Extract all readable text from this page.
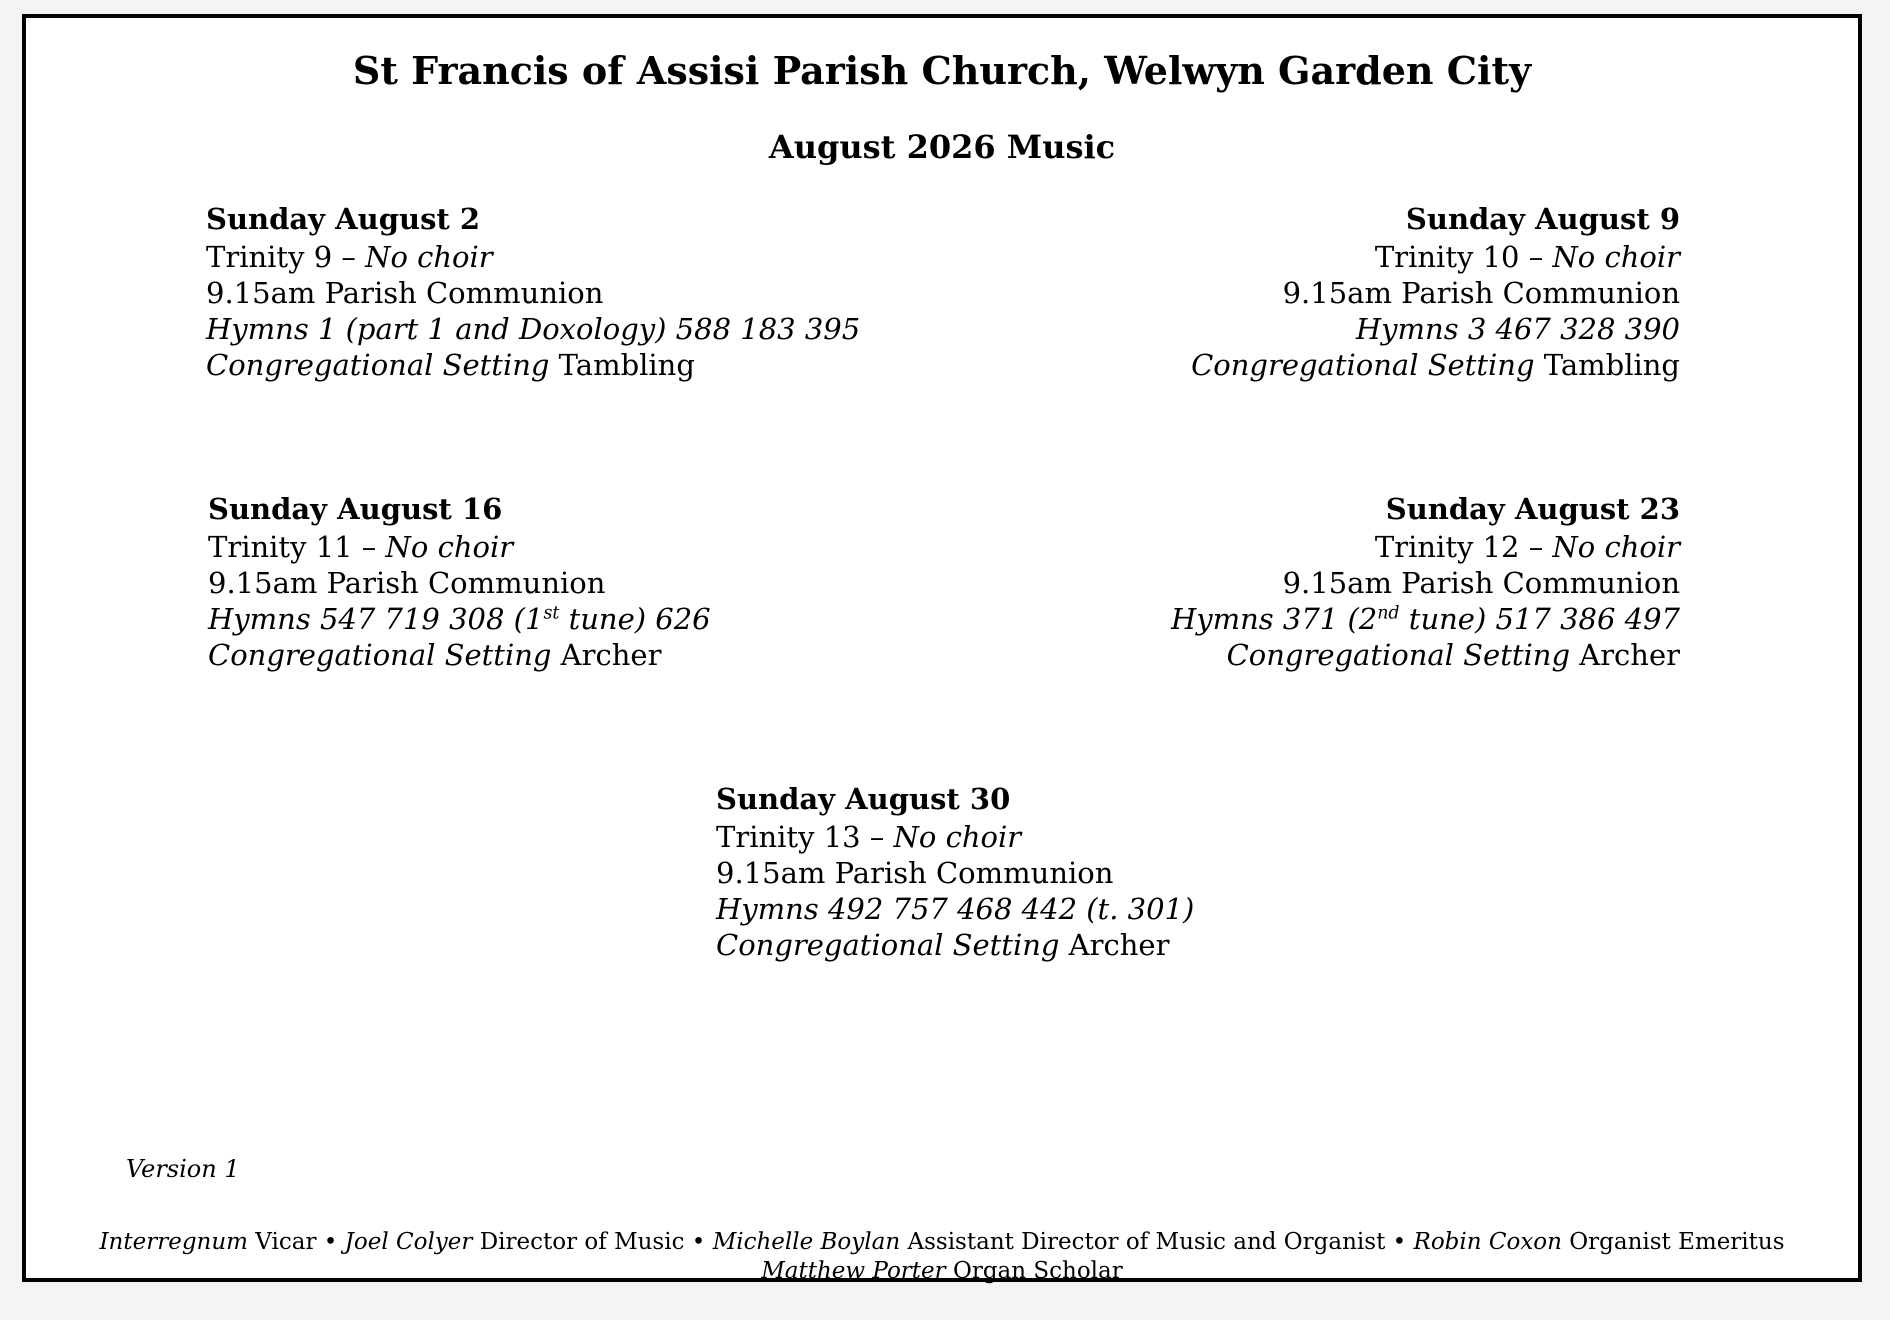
St Francis of Assisi Parish Church, Welwyn Garden City
August 2026 Music
Sunday August 2
Trinity 9 – No choir
9.15am Parish Communion
Hymns 1 (part 1 and Doxology) 588 183 395
Congregational Setting Tambling
Sunday August 9
Trinity 10 – No choir
9.15am Parish Communion
Hymns 3 467 328 390
Congregational Setting Tambling
Sunday August 16
Trinity 11 – No choir
9.15am Parish Communion
Hymns 547 719 308 (1st tune) 626
Congregational Setting Archer
Sunday August 23
Trinity 12 – No choir
9.15am Parish Communion
Hymns 371 (2nd tune) 517 386 497
Congregational Setting Archer
Sunday August 30
Trinity 13 – No choir
9.15am Parish Communion
Hymns 492 757 468 442 (t. 301)
Congregational Setting Archer
Version 1
Interregnum Vicar • Joel Colyer Director of Music • Michelle Boylan Assistant Director of Music and Organist • Robin Coxon Organist Emeritus
Matthew Porter Organ Scholar
